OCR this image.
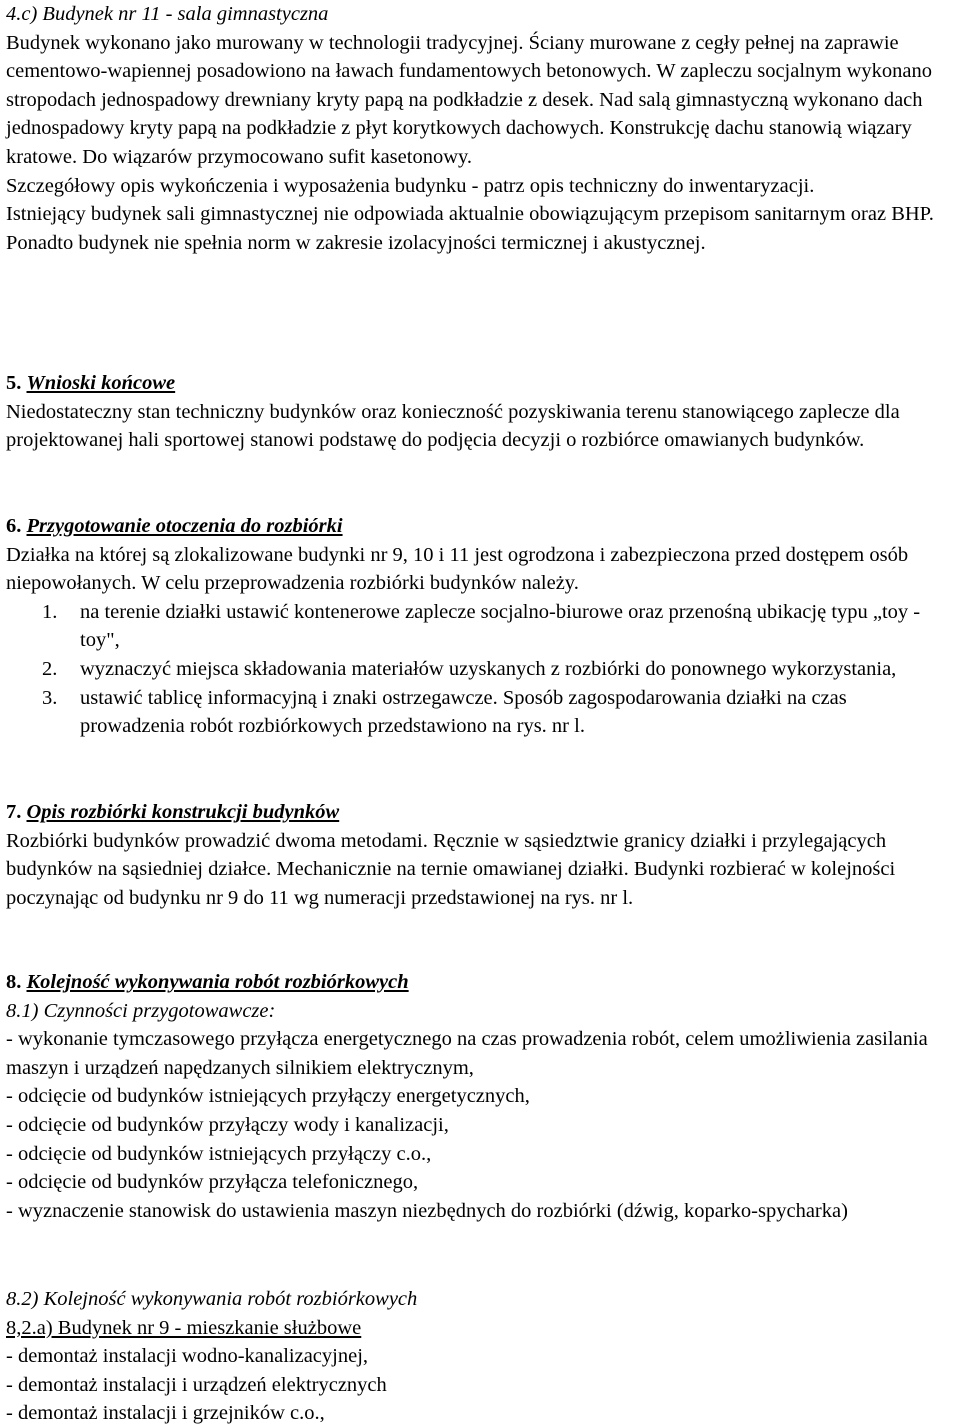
4.c) Budynek nr 11 - sala gimnastyczna

Budynek wykonano jako murowany w technologii tradycyjnej. Ściany murowane z cegły pełnej na zaprawie cementowo-wapiennej posadowiono na ławach fundamentowych betonowych. W zapleczu socjalnym wykonano stropodach jednospadowy drewniany kryty papą na podkładzie z desek. Nad salą gimnastyczną wykonano dach jednospadowy kryty papą na podkładzie z płyt korytkowych dachowych. Konstrukcję dachu stanowią wiązary kratowe. Do wiązarów przymocowano sufit kasetonowy.

Szczegółowy opis wykończenia i wyposażenia budynku - patrz opis techniczny do inwentaryzacji.

Istniejący budynek sali gimnastycznej nie odpowiada aktualnie obowiązującym przepisom sanitarnym oraz BHP. Ponadto budynek nie spełnia norm w zakresie izolacyjności termicznej i akustycznej.

5. Wnioski końcowe

Niedostateczny stan techniczny budynków oraz konieczność pozyskiwania terenu stanowiącego zaplecze dla projektowanej hali sportowej stanowi podstawę do podjęcia decyzji o rozbiórce omawianych budynków.

6. Przygotowanie otoczenia do rozbiórki

Działka na której są zlokalizowane budynki nr 9, 10 i 11 jest ogrodzona i zabezpieczona przed dostępem osób niepowołanych. W celu przeprowadzenia rozbiórki budynków należy.

1. na terenie działki ustawić kontenerowe zaplecze socjalno-biurowe oraz przenośną ubikację typu „toy - toy",
2. wyznaczyć miejsca składowania materiałów uzyskanych z rozbiórki do ponownego wykorzystania,
3. ustawić tablicę informacyjną i znaki ostrzegawcze. Sposób zagospodarowania działki na czas prowadzenia robót rozbiórkowych przedstawiono na rys. nr l.

7. Opis rozbiórki konstrukcji budynków

Rozbiórki budynków prowadzić dwoma metodami. Ręcznie w sąsiedztwie granicy działki i przylegających budynków na sąsiedniej działce. Mechanicznie na ternie omawianej działki. Budynki rozbierać w kolejności poczynając od budynku nr 9 do 11 wg numeracji przedstawionej na rys. nr l.

8. Kolejność wykonywania robót rozbiórkowych

8.1) Czynności przygotowawcze:

- wykonanie tymczasowego przyłącza energetycznego na czas prowadzenia robót, celem umożliwienia zasilania maszyn i urządzeń napędzanych silnikiem elektrycznym,

- odcięcie od budynków istniejących przyłączy energetycznych,

- odcięcie od budynków przyłączy wody i kanalizacji,

- odcięcie od budynków istniejących przyłączy c.o.,

- odcięcie od budynków przyłącza telefonicznego,

- wyznaczenie stanowisk do ustawienia maszyn niezbędnych do rozbiórki (dźwig, koparko-spycharka)

8.2) Kolejność wykonywania robót rozbiórkowych

8,2.a) Budynek nr 9 - mieszkanie służbowe

- demontaż instalacji wodno-kanalizacyjnej,

- demontaż instalacji i urządzeń elektrycznych

- demontaż instalacji i grzejników c.o.,
